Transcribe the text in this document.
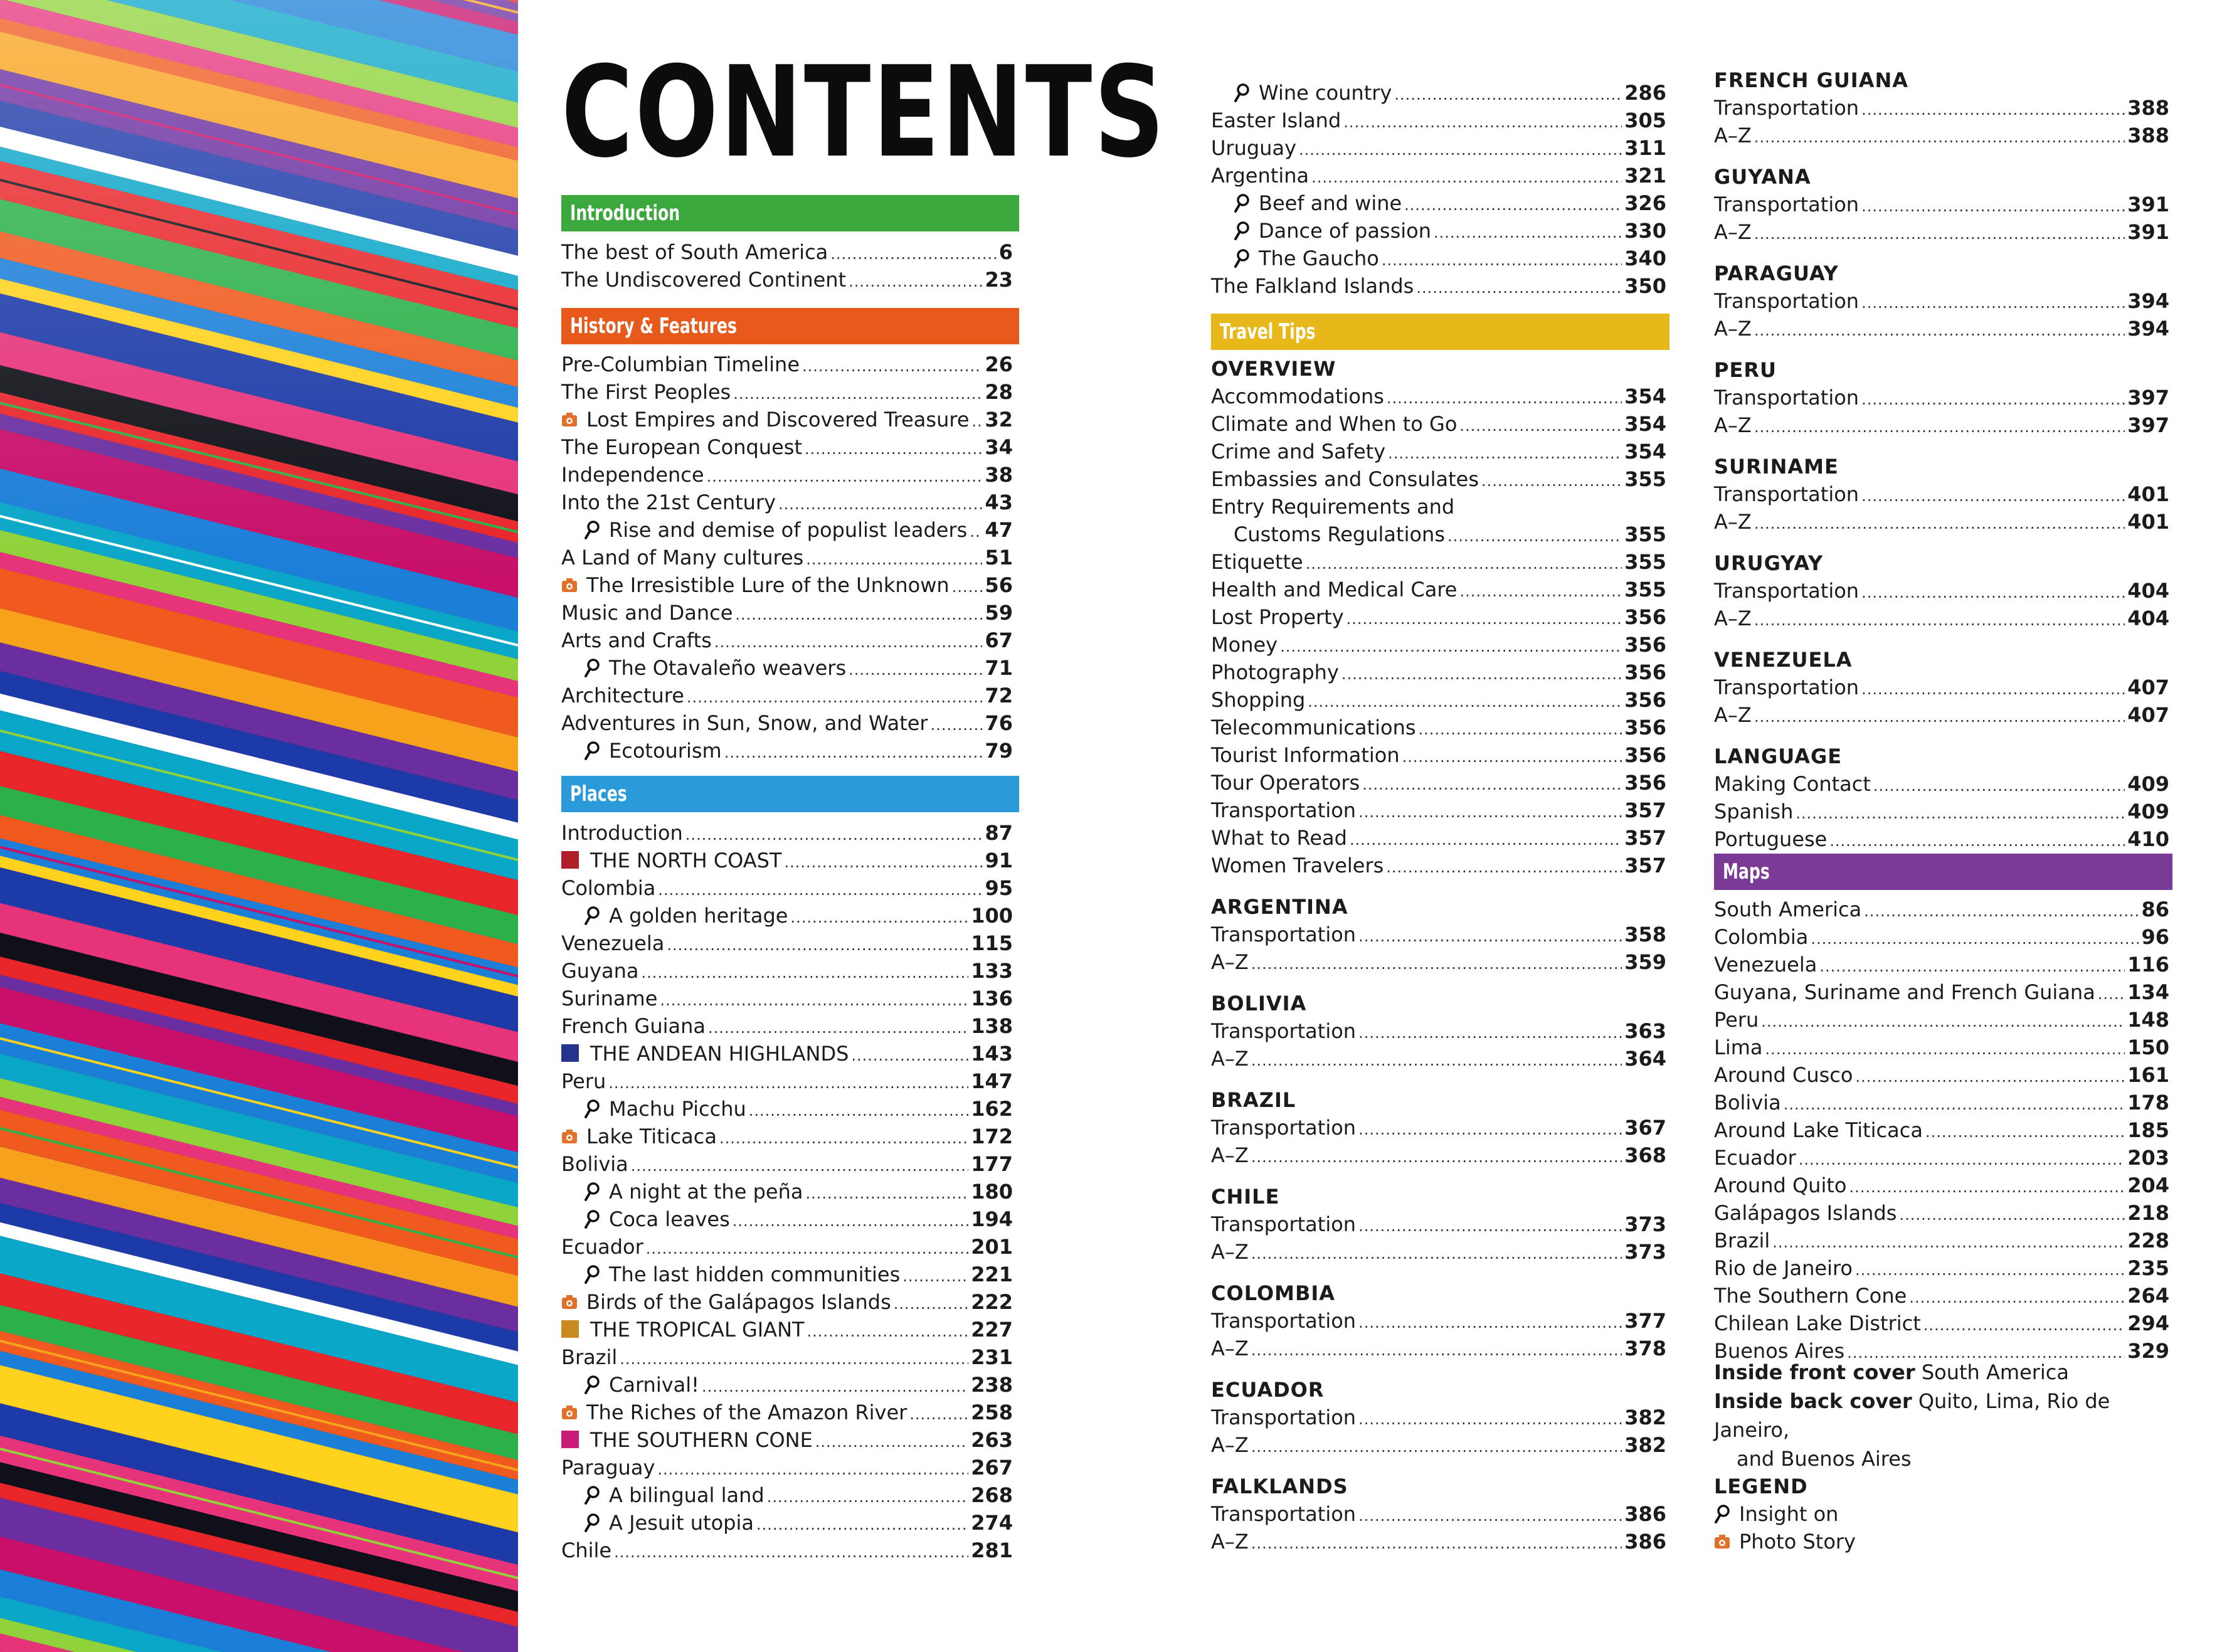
CONTENTS
Introduction
The best of South America .....	6
The Undiscovered Continent .....	23
History & Features
Pre-Columbian Timeline .....	26
The First Peoples .....	28
Lost Empires and Discovered Treasure ..... 32
The European Conquest .....	34
Independence .....	38
Into the 21st Century .....	43
Rise and demise of populist leaders ..... 47
A Land of Many cultures .....	51
The Irresistible Lure of the Unknown ..... 56
Music and Dance .....	59
Arts and Crafts .....	67
The Otavaleño weavers .....	71
Architecture .....	72
Adventures in Sun, Snow, and Water .....	76
Ecotourism .....	79
Places
Introduction .....	87
THE NORTH COAST .....	91
Colombia .....	95
A golden heritage .....	100
Venezuela .....	115
Guyana .....	133
Suriname .....	136
French Guiana .....	138
THE ANDEAN HIGHLANDS .....	143
Peru .....	147
Machu Picchu .....	162
Lake Titicaca .....	172
Bolivia .....	177
A night at the peña .....	180
Coca leaves .....	194
Ecuador .....	201
The last hidden communities .....	221
Birds of the Galápagos Islands .....	222
THE TROPICAL GIANT .....	227
Brazil .....	231
Carnival! .....	238
The Riches of the Amazon River .....	258
THE SOUTHERN CONE .....	263
Paraguay .....	267
A bilingual land .....	268
A Jesuit utopia .....	274
Chile .....	281
Wine country .....	286
Easter Island .....	305
Uruguay .....	311
Argentina .....	321
Beef and wine .....	326
Dance of passion .....	330
The Gaucho .....	340
The Falkland Islands .....	350
Travel Tips
OVERVIEW
Accommodations .....	354
Climate and When to Go .....	354
Crime and Safety .....	354
Embassies and Consulates .....	355
Entry Requirements and
Customs Regulations .....	355
Etiquette .....	355
Health and Medical Care .....	355
Lost Property .....	356
Money .....	356
Photography .....	356
Shopping .....	356
Telecommunications .....	356
Tourist Information .....	356
Tour Operators .....	356
Transportation .....	357
What to Read .....	357
Women Travelers .....	357
ARGENTINA
Transportation .....	358
A–Z .....	359
BOLIVIA
Transportation .....	363
A–Z .....	364
BRAZIL
Transportation .....	367
A–Z .....	368
CHILE
Transportation .....	373
A–Z .....	373
COLOMBIA
Transportation .....	377
A–Z .....	378
ECUADOR
Transportation .....	382
A–Z .....	382
FALKLANDS
Transportation .....	386
A–Z .....	386
FRENCH GUIANA
Transportation .....	388
A–Z .....	388
GUYANA
Transportation .....	391
A–Z .....	391
PARAGUAY
Transportation .....	394
A–Z .....	394
PERU
Transportation .....	397
A–Z .....	397
SURINAME
Transportation .....	401
A–Z .....	401
URUGYAY
Transportation .....	404
A–Z .....	404
VENEZUELA
Transportation .....	407
A–Z .....	407
LANGUAGE
Making Contact .....	409
Spanish .....	409
Portuguese .....	410
Maps
South America .....	86
Colombia .....	96
Venezuela .....	116
Guyana, Suriname and French Guiana ..... 134
Peru .....	148
Lima .....	150
Around Cusco .....	161
Bolivia .....	178
Around Lake Titicaca .....	185
Ecuador .....	203
Around Quito .....	204
Galápagos Islands .....	218
Brazil .....	228
Rio de Janeiro .....	235
The Southern Cone .....	264
Chilean Lake District .....	294
Buenos Aires .....	329
Inside front cover South America
Inside back cover Quito, Lima, Rio de Janeiro,
and Buenos Aires
LEGEND
Insight on
Photo Story
